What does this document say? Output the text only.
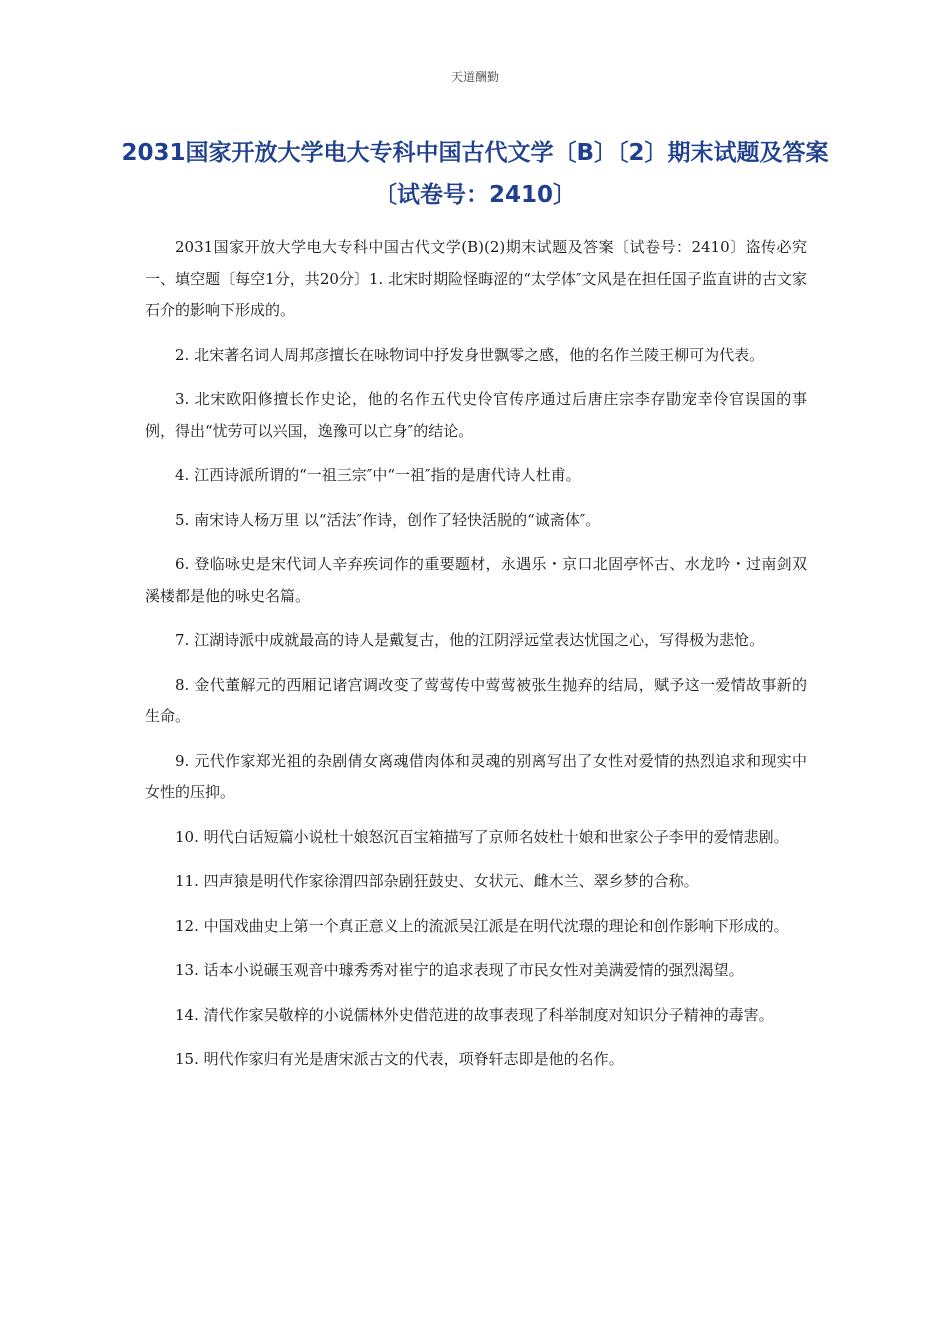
天道酬勤
2031国家开放大学电大专科中国古代文学〔B〕〔2〕期末试题及答案〔试卷号：2410〕

2031国家开放大学电大专科中国古代文学(B)(2)期末试题及答案〔试卷号：2410〕盗传必究 一、填空题〔每空1分，共20分〕1. 北宋时期险怪晦涩的“太学体″文风是在担任国子监直讲的古文家石介的影响下形成的。

2. 北宋著名词人周邦彦擅长在咏物词中抒发身世飘零之感，他的名作兰陵王柳可为代表。

3. 北宋欧阳修擅长作史论，他的名作五代史伶官传序通过后唐庄宗李存勖宠幸伶官误国的事例，得出“忧劳可以兴国，逸豫可以亡身″的结论。

4. 江西诗派所谓的“一祖三宗″中“一祖″指的是唐代诗人杜甫。

5. 南宋诗人杨万里 以“活法″作诗，创作了轻快活脱的“诚斋体″。

6. 登临咏史是宋代词人辛弃疾词作的重要题材，永遇乐・京口北固亭怀古、水龙吟・过南剑双溪楼都是他的咏史名篇。

7. 江湖诗派中成就最高的诗人是戴复古，他的江阴浮远堂表达忧国之心，写得极为悲怆。

8. 金代董解元的西厢记诸宫调改变了莺莺传中莺莺被张生抛弃的结局，赋予这一爱情故事新的生命。

9. 元代作家郑光祖的杂剧倩女离魂借肉体和灵魂的别离写出了女性对爱情的热烈追求和现实中女性的压抑。

10. 明代白话短篇小说杜十娘怒沉百宝箱描写了京师名妓杜十娘和世家公子李甲的爱情悲剧。

11. 四声猿是明代作家徐渭四部杂剧狂鼓史、女状元、雌木兰、翠乡梦的合称。

12. 中国戏曲史上第一个真正意义上的流派吴江派是在明代沈璟的理论和创作影响下形成的。

13. 话本小说碾玉观音中璩秀秀对崔宁的追求表现了市民女性对美满爱情的强烈渴望。

14. 清代作家吴敬梓的小说儒林外史借范进的故事表现了科举制度对知识分子精神的毒害。

15. 明代作家归有光是唐宋派古文的代表，项脊轩志即是他的名作。
